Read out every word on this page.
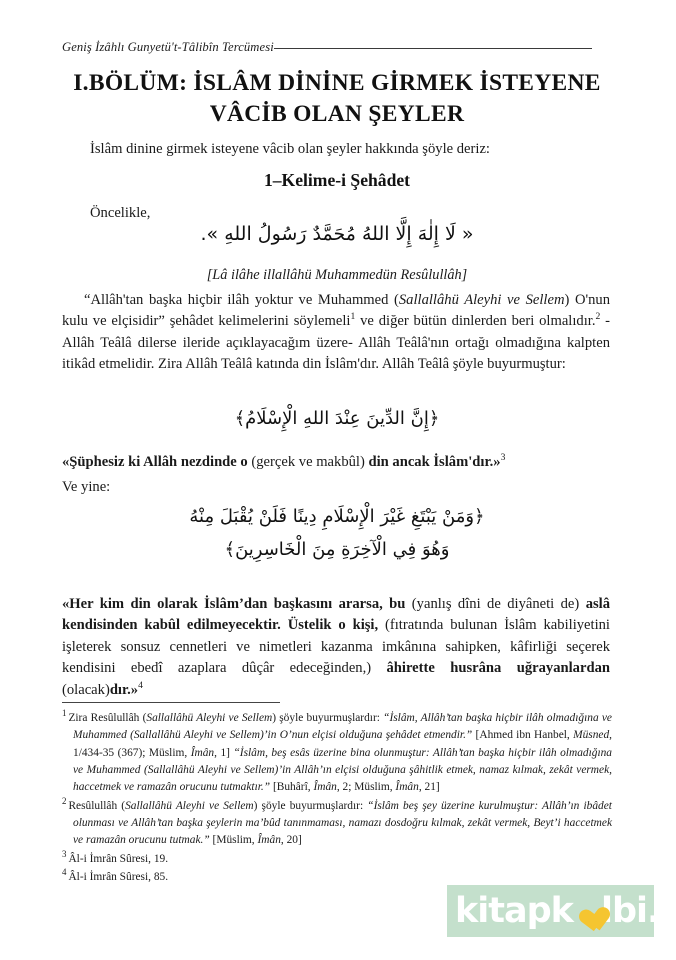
Geniş İzâhlı Gunyetü't-Tâlibîn Tercümesi
I.BÖLÜM: İSLÂM DİNİNE GİRMEK İSTEYENE
VÂCİB OLAN ŞEYLER
İslâm dinine girmek isteyene vâcib olan şeyler hakkında şöyle deriz:
1–Kelime-i Şehâdet
Öncelikle,
« لَا إِلٰهَ إِلَّا اللهُ مُحَمَّدٌ رَسُولُ اللهِ ».
[Lâ ilâhe illallâhü Muhammedün Resûlullâh]
“Allâh'tan başka hiçbir ilâh yoktur ve Muhammed (Sallallâhü Aleyhi ve Sellem) O'nun kulu ve elçisidir” şehâdet kelimelerini söylemeli$^1$ ve diğer bütün dinlerden beri olmalıdır.$^2$ -Allâh Teâlâ dilerse ileride açıklayacağım üzere- Allâh Teâlâ'nın ortağı olmadığına kalpten itikâd etmelidir. Zira Allâh Teâlâ katında din İslâm'dır. Allâh Teâlâ şöyle buyurmuştur:
﴿إِنَّ الدِّينَ عِنْدَ اللهِ الْإِسْلَامُ﴾
«Şüphesiz ki Allâh nezdinde o (gerçek ve makbûl) din ancak İslâm'dır.»$^3$
Ve yine:
﴿وَمَنْ يَبْتَغِ غَيْرَ الْإِسْلَامِ دِينًا فَلَنْ يُقْبَلَ مِنْهُ
وَهُوَ فِي الْآخِرَةِ مِنَ الْخَاسِرِينَ﴾
«Her kim din olarak İslâm’dan başkasını ararsa, bu (yanlış dîni de diyâneti de) aslâ kendisinden kabûl edilmeyecektir. Üstelik o kişi, (fıtratında bulunan İslâm kabiliyetini işleterek sonsuz cennetleri ve nimetleri kazanma imkânına sahipken, kâfirliği seçerek kendisini ebedî azaplara dûçâr edeceğinden,) âhirette husrâna uğrayanlardan (olacak)dır.»$^4$
$^1$ Zira Resûlullâh (Sallallâhü Aleyhi ve Sellem) şöyle buyurmuşlardır: “İslâm, Allâh’tan başka hiçbir ilâh olmadığına ve Muhammed (Sallallâhü Aleyhi ve Sellem)’in O’nun elçisi olduğuna şehâdet etmendir.” [Ahmed ibn Hanbel, Müsned, 1/434-35 (367); Müslim, Îmân, 1] “İslâm, beş esâs üzerine bina olunmuştur: Allâh’tan başka hiçbir ilâh olmadığına ve Muhammed (Sallallâhü Aleyhi ve Sellem)’in Allâh’ın elçisi olduğuna şâhitlik etmek, namaz kılmak, zekât vermek, haccetmek ve ramazân orucunu tutmaktır.” [Buhârî, Îmân, 2; Müslim, Îmân, 21]
$^2$ Resûlullâh (Sallallâhü Aleyhi ve Sellem) şöyle buyurmuşlardır: “İslâm beş şey üzerine kurulmuştur: Allâh’ın ibâdet olunması ve Allâh’tan başka şeylerin ma’bûd tanınmaması, namazı dosdoğru kılmak, zekât vermek, Beyt’i haccetmek ve ramazân orucunu tutmak.” [Müslim, Îmân, 20]
$^3$ Âl-i İmrân Sûresi, 19.
$^4$ Âl-i İmrân Sûresi, 85.
kitapk lbi. com
